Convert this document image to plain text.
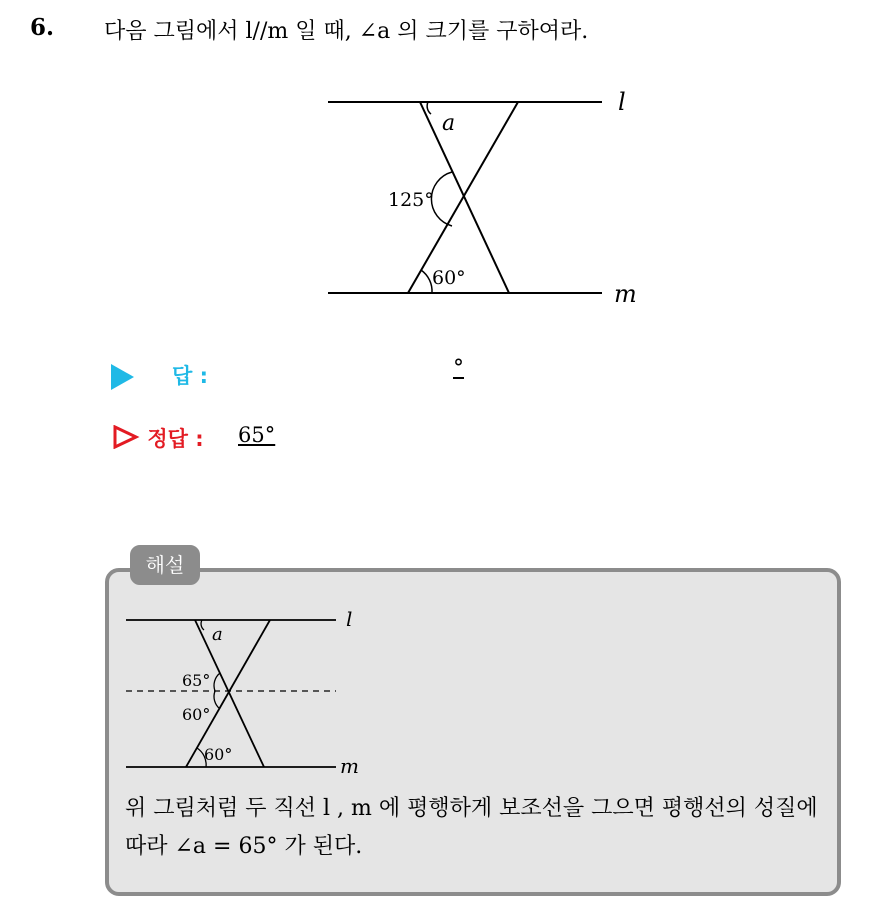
6. 다음 그림에서 l//m 일 때, ∠a 의 크기를 구하여라.
l
m
a
125°
60°
답 :	°
정답 : 65°
해설
l
m
a
65°
60°
60°
위 그림처럼 두 직선 l , m 에 평행하게 보조선을 그으면 평행선의 성질에 따라 ∠a = 65° 가 된다.
